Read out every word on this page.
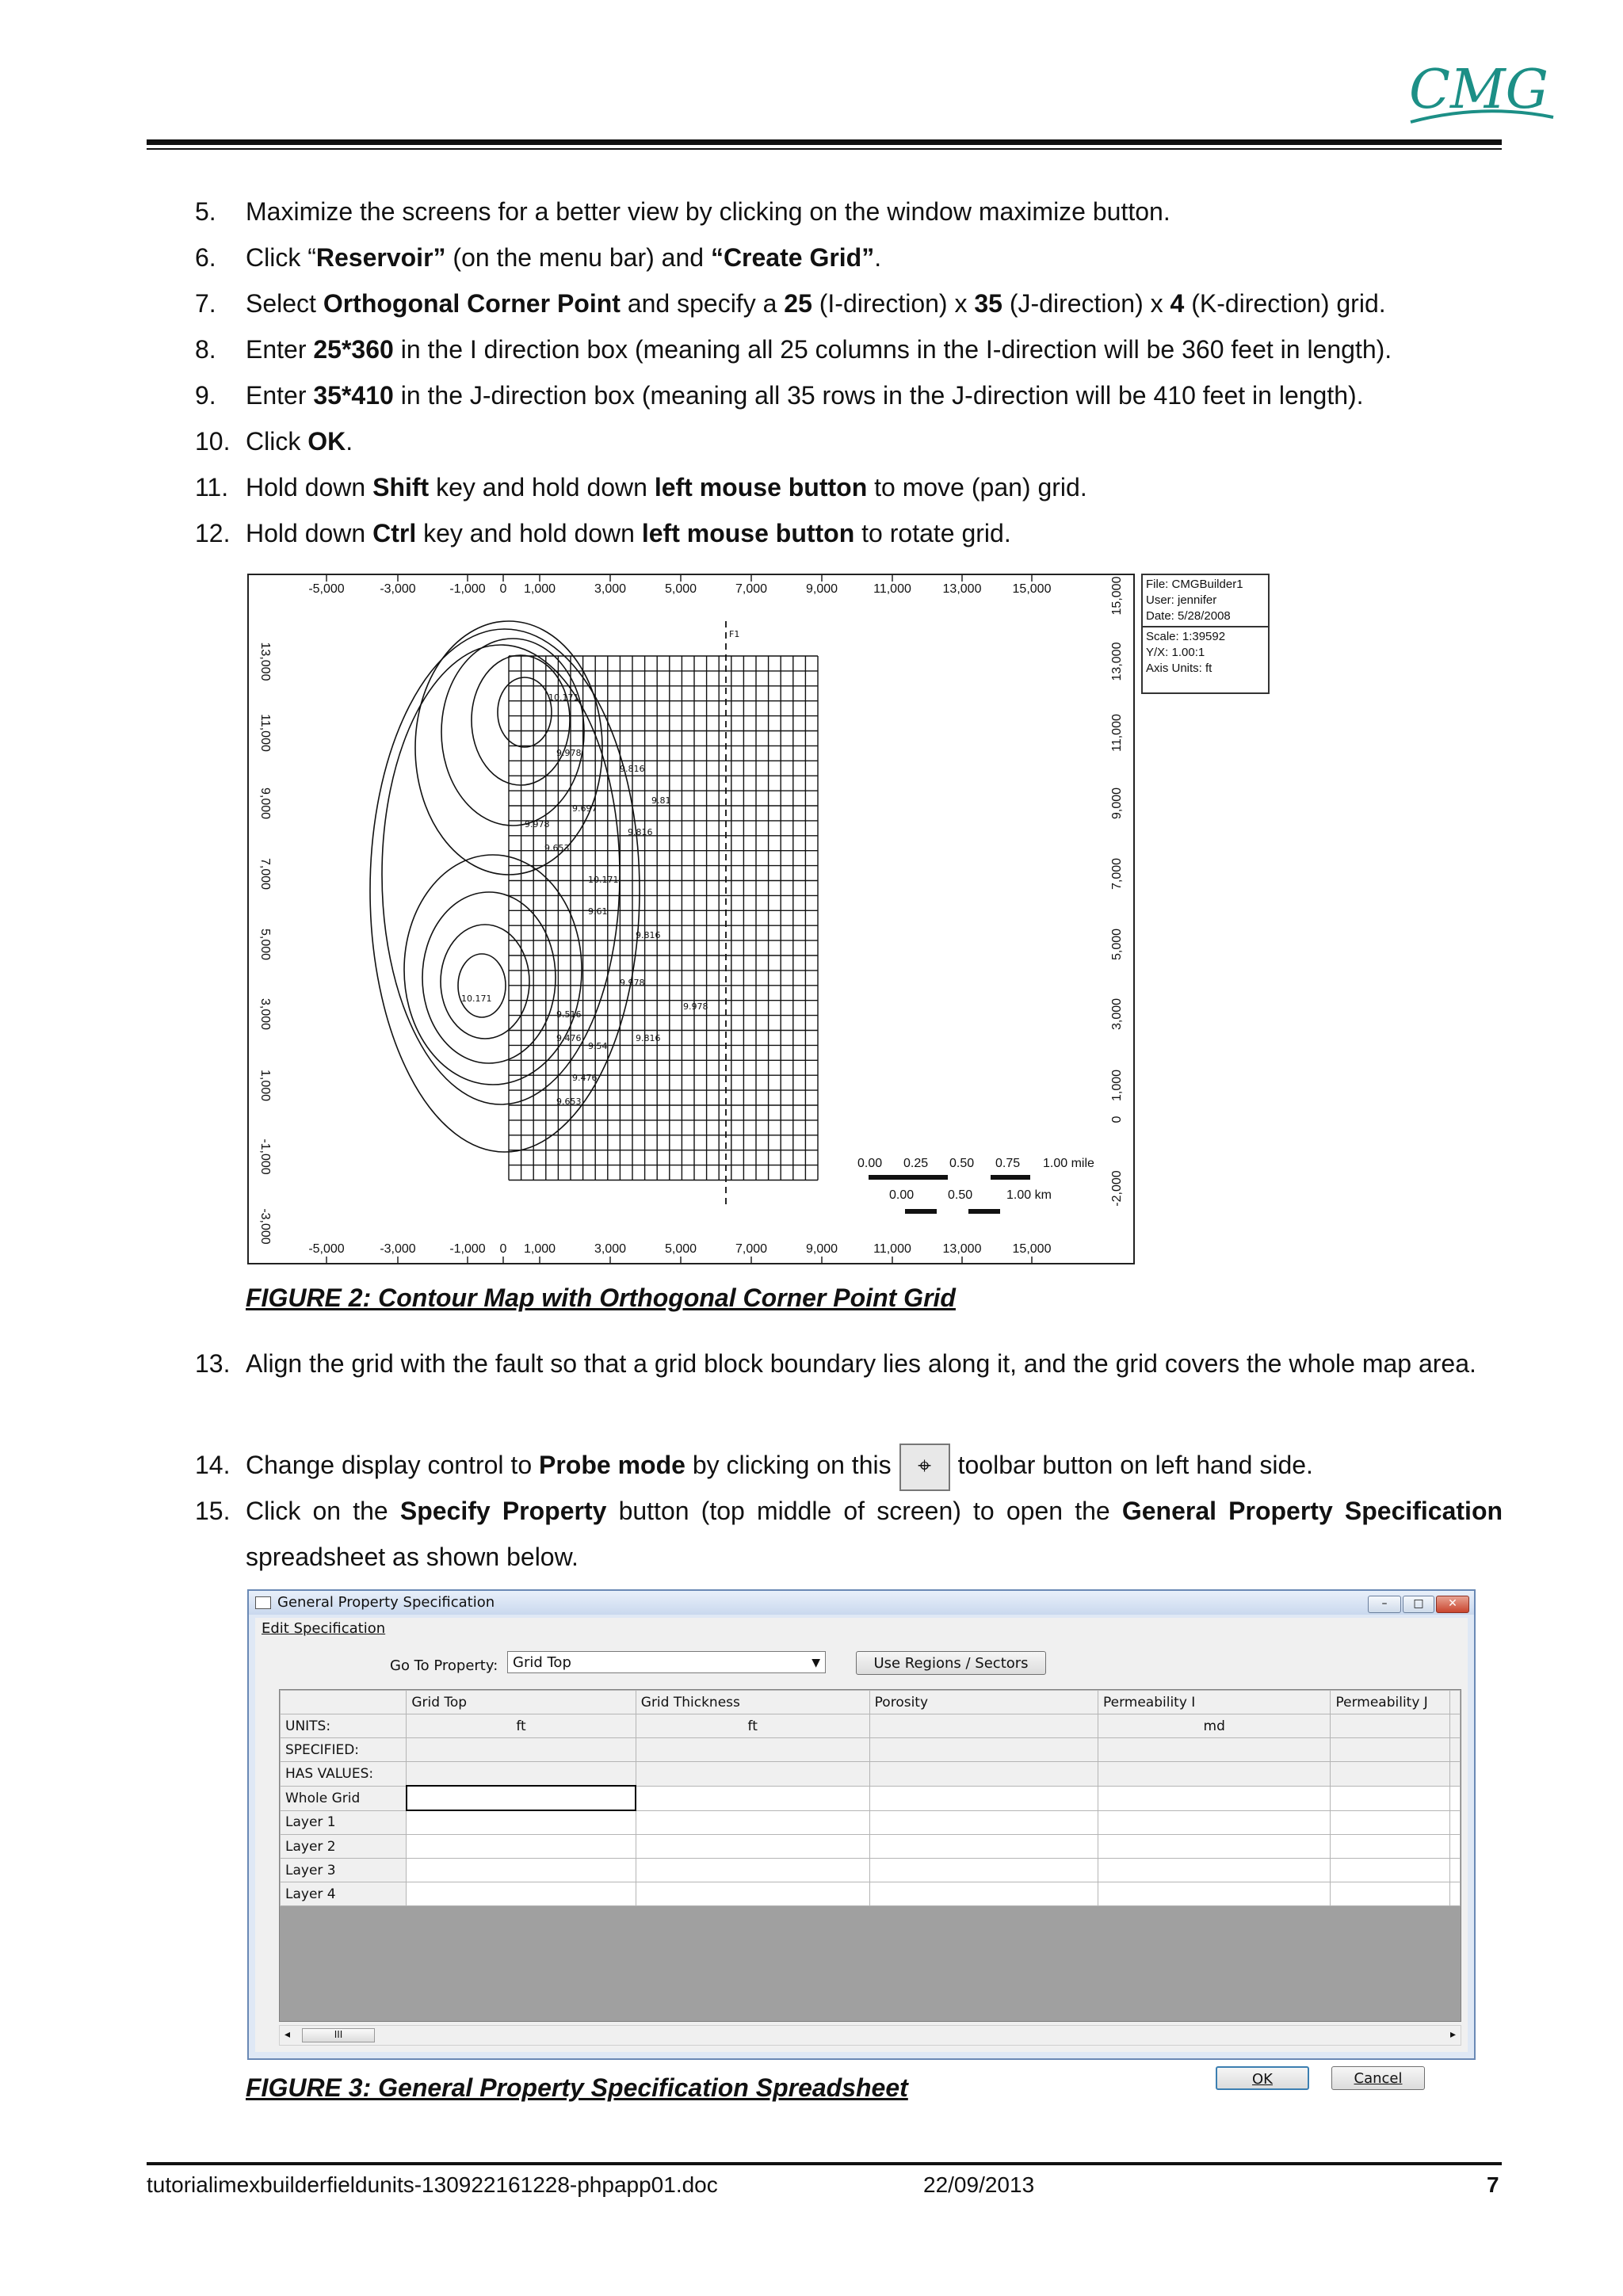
CMG
5.	Maximize the screens for a better view by clicking on the window maximize button.
6.	Click “Reservoir” (on the menu bar) and “Create Grid”.
7.	Select Orthogonal Corner Point and specify a 25 (I-direction) x 35 (J-direction) x 4 (K-direction) grid.
8.	Enter 25*360 in the I direction box (meaning all 25 columns in the I-direction will be 360 feet in length).
9.	Enter 35*410 in the J-direction box (meaning all 35 rows in the J-direction will be 410 feet in length).
10. Click OK.
11. Hold down Shift key and hold down left mouse button to move (pan) grid.
12. Hold down Ctrl key and hold down left mouse button to rotate grid.
F1
10.171
9.978
9.697
9.816
9.81
10.171
9.978
9.816
9.653
9.61
9.816
9.978
10.171
9.516
9.54
9.476
9.476
9.653
9.816
9.978
File: CMGBuilder1
User: jennifer
Date: 5/28/2008
Scale: 1:39592
Y/X: 1.00:1
Axis Units: ft
-5,000
-5,000
-3,000
-3,000
-1,000
-1,000
0
0
1,000
1,000
3,000
3,000
5,000
5,000
7,000
7,000
9,000
9,000
11,000
11,000
13,000
13,000
15,000
15,000
13,000
11,000
9,000
7,000
5,000
3,000
1,000
-1,000
-3,000
15,000
13,000
11,000
9,000
7,000
5,000
3,000
1,000
0
-2,000
0.00 0.25 0.50 0.75 1.00 mile
0.00	0.50	1.00 km
FIGURE 2: Contour Map with Orthogonal Corner Point Grid
13. Align the grid with the fault so that a grid block boundary lies along it, and the grid covers the whole map area.
14. Change display control to Probe mode by clicking on this ⌖ toolbar button on left hand side.
15. Click on the Specify Property button (top middle of screen) to open the General Property Specification spreadsheet as shown below.
General Property Specification	–	□	✕
Edit Specification
Go To Property:	Grid Top	▼	Use Regions / Sectors
	Grid Top	Grid Thickness	Porosity	Permeability I	Permeability J	
UNITS:	ft	ft		md		
SPECIFIED:						
HAS VALUES:						
Whole Grid						
Layer 1						
Layer 2						
Layer 3						
Layer 4						
◂	III	▸
OK	Cancel
FIGURE 3: General Property Specification Spreadsheet
tutorialimexbuilderfieldunits-130922161228-phpapp01.doc	22/09/2013	7
